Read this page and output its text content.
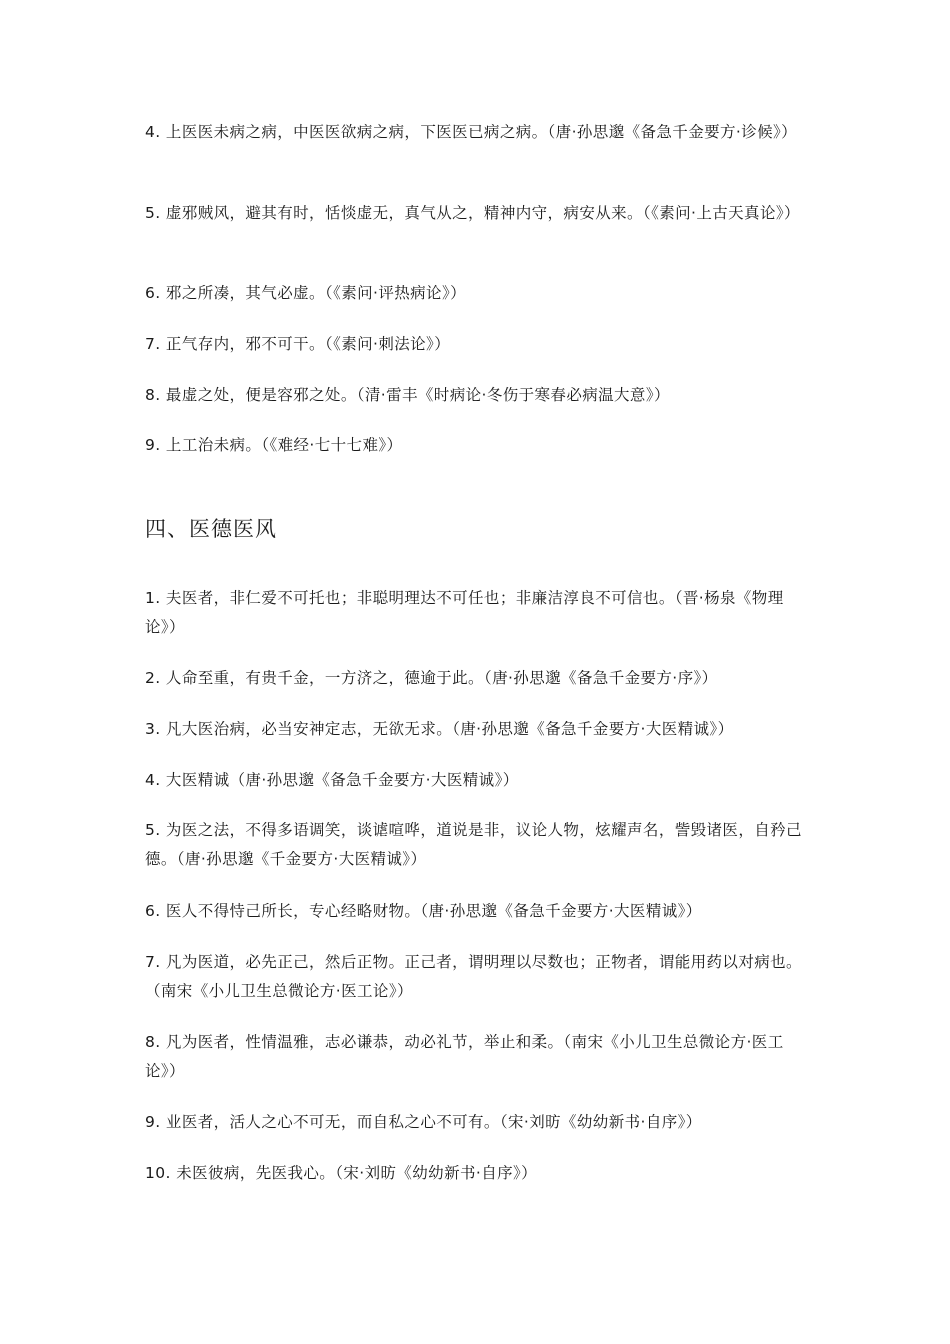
4. 上医医未病之病，中医医欲病之病，下医医已病之病。（唐·孙思邈《备急千金要方·诊候》）

5. 虚邪贼风，避其有时，恬惔虚无，真气从之，精神内守，病安从来。（《素问·上古天真论》）

6. 邪之所凑，其气必虚。（《素问·评热病论》）

7. 正气存内，邪不可干。（《素问·刺法论》）

8. 最虚之处，便是容邪之处。（清·雷丰《时病论·冬伤于寒春必病温大意》）

9. 上工治未病。（《难经·七十七难》）

四、医德医风

1. 夫医者，非仁爱不可托也；非聪明理达不可任也；非廉洁淳良不可信也。（晋·杨泉《物理论》）

2. 人命至重，有贵千金，一方济之，德逾于此。（唐·孙思邈《备急千金要方·序》）

3. 凡大医治病，必当安神定志，无欲无求。（唐·孙思邈《备急千金要方·大医精诚》）

4. 大医精诚（唐·孙思邈《备急千金要方·大医精诚》）

5. 为医之法，不得多语调笑，谈谑喧哗，道说是非，议论人物，炫耀声名，訾毁诸医，自矜己德。（唐·孙思邈《千金要方·大医精诚》）

6. 医人不得恃己所长，专心经略财物。（唐·孙思邈《备急千金要方·大医精诚》）

7. 凡为医道，必先正己，然后正物。正己者，谓明理以尽数也；正物者，谓能用药以对病也。（南宋《小儿卫生总微论方·医工论》）

8. 凡为医者，性情温雅，志必谦恭，动必礼节，举止和柔。（南宋《小儿卫生总微论方·医工论》）

9. 业医者，活人之心不可无，而自私之心不可有。（宋·刘昉《幼幼新书·自序》）

10. 未医彼病，先医我心。（宋·刘昉《幼幼新书·自序》）
